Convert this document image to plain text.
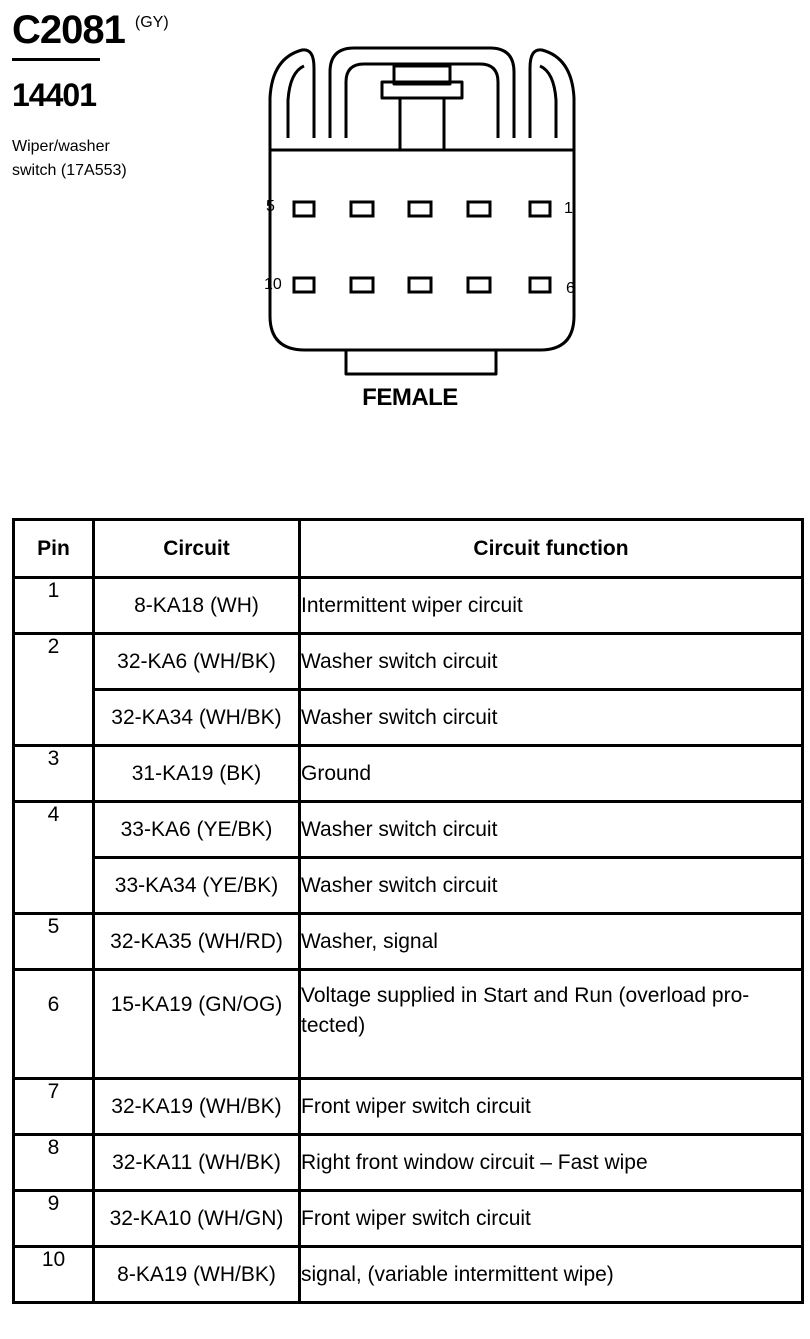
C2081 (GY)
14401
Wiper/washer
switch (17A553)
5	1
10	6
FEMALE
Pin	Circuit	Circuit function
1	8-KA18 (WH)	Intermittent wiper circuit
2	32-KA6 (WH/BK)	Washer switch circuit
	32-KA34 (WH/BK)	Washer switch circuit
3	31-KA19 (BK)	Ground
4	33-KA6 (YE/BK)	Washer switch circuit
	33-KA34 (YE/BK)	Washer switch circuit
5	32-KA35 (WH/RD)	Washer, signal
6	15-KA19 (GN/OG)	Voltage supplied in Start and Run (overload pro-tected)
7	32-KA19 (WH/BK)	Front wiper switch circuit
8	32-KA11 (WH/BK)	Right front window circuit – Fast wipe
9	32-KA10 (WH/GN)	Front wiper switch circuit
10	8-KA19 (WH/BK)	signal, (variable intermittent wipe)
